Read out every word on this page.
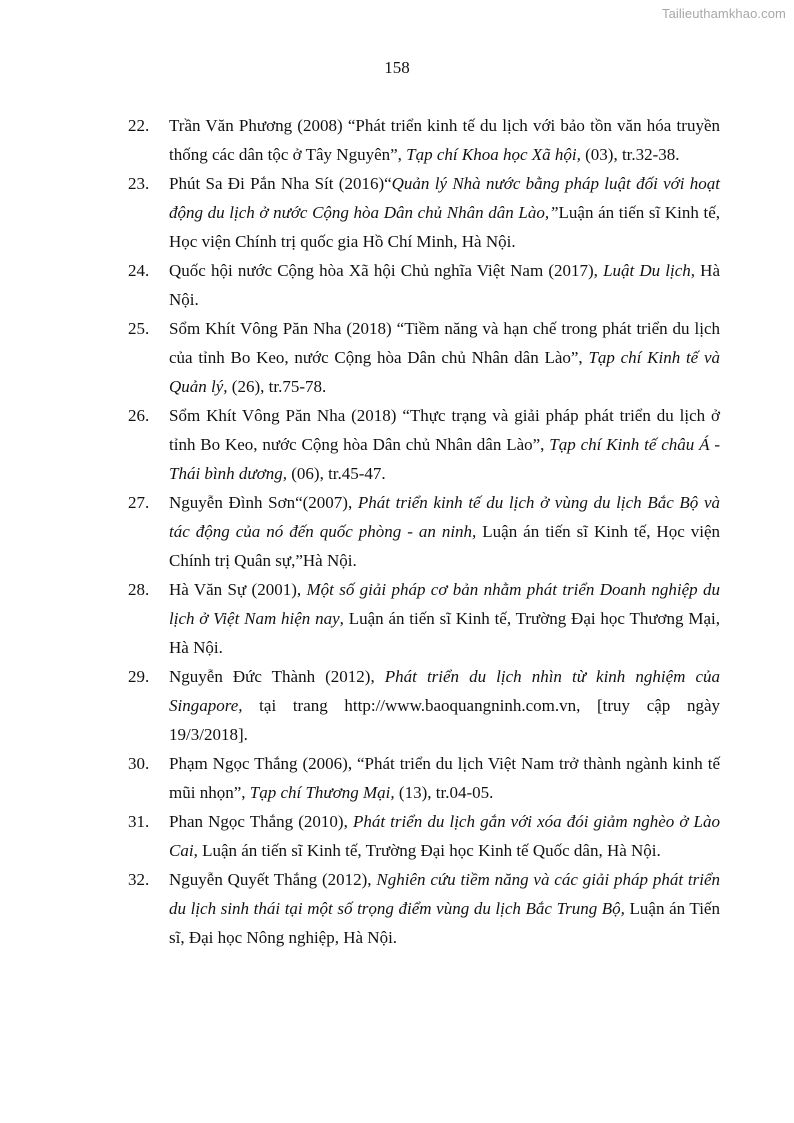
Tailieuthamkhao.com
158
22. Trần Văn Phương (2008) “Phát triển kinh tế du lịch với bảo tồn văn hóa truyền thống các dân tộc ở Tây Nguyên”, Tạp chí Khoa học Xã hội, (03), tr.32-38.
23. Phút Sa Đi Pắn Nha Sít (2016)“Quản lý Nhà nước bằng pháp luật đối với hoạt động du lịch ở nước Cộng hòa Dân chủ Nhân dân Lào,”Luận án tiến sĩ Kinh tế, Học viện Chính trị quốc gia Hồ Chí Minh, Hà Nội.
24. Quốc hội nước Cộng hòa Xã hội Chủ nghĩa Việt Nam (2017), Luật Du lịch, Hà Nội.
25. Sổm Khít Vông Păn Nha (2018) “Tiềm năng và hạn chế trong phát triển du lịch của tỉnh Bo Keo, nước Cộng hòa Dân chủ Nhân dân Lào”, Tạp chí Kinh tế và Quản lý, (26), tr.75-78.
26. Sổm Khít Vông Păn Nha (2018) “Thực trạng và giải pháp phát triển du lịch ở tỉnh Bo Keo, nước Cộng hòa Dân chủ Nhân dân Lào”, Tạp chí Kinh tế châu Á - Thái bình dương, (06), tr.45-47.
27. Nguyễn Đình Sơn“(2007), Phát triển kinh tế du lịch ở vùng du lịch Bắc Bộ và tác động của nó đến quốc phòng - an ninh, Luận án tiến sĩ Kinh tế, Học viện Chính trị Quân sự,”Hà Nội.
28. Hà Văn Sự (2001), Một số giải pháp cơ bản nhằm phát triển Doanh nghiệp du lịch ở Việt Nam hiện nay, Luận án tiến sĩ Kinh tế, Trường Đại học Thương Mại, Hà Nội.
29. Nguyễn Đức Thành (2012), Phát triển du lịch nhìn từ kinh nghiệm của Singapore, tại trang http://www.baoquangninh.com.vn, [truy cập ngày 19/3/2018].
30. Phạm Ngọc Thắng (2006), “Phát triển du lịch Việt Nam trở thành ngành kinh tế mũi nhọn”, Tạp chí Thương Mại, (13), tr.04-05.
31. Phan Ngọc Thắng (2010), Phát triển du lịch gắn với xóa đói giảm nghèo ở Lào Cai, Luận án tiến sĩ Kinh tế, Trường Đại học Kinh tế Quốc dân, Hà Nội.
32. Nguyễn Quyết Thắng (2012), Nghiên cứu tiềm năng và các giải pháp phát triển du lịch sinh thái tại một số trọng điểm vùng du lịch Bắc Trung Bộ, Luận án Tiến sĩ, Đại học Nông nghiệp, Hà Nội.
